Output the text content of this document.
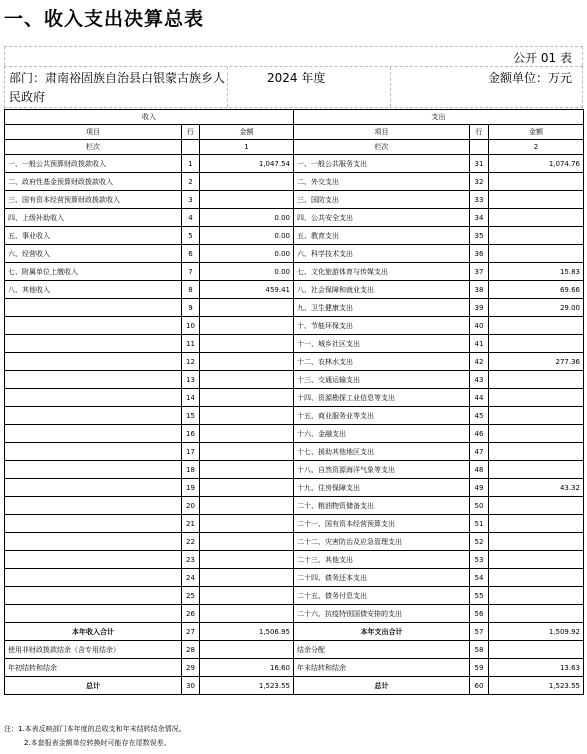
一、收入支出决算总表
公开 01 表
部门：肃南裕固族自治县白银蒙古族乡人民政府
2024 年度	金额单位：万元
收入			支出		
项目	行	金额	项目	行	金额
栏次		1	栏次		2
一、一般公共预算财政拨款收入	1	1,047.54	一、一般公共服务支出	31	1,074.76
二、政府性基金预算财政拨款收入	2		二、外交支出	32	
三、国有资本经营预算财政拨款收入	3		三、国防支出	33	
四、上级补助收入	4	0.00	四、公共安全支出	34	
五、事业收入	5	0.00	五、教育支出	35	
六、经营收入	6	0.00	六、科学技术支出	36	
七、附属单位上缴收入	7	0.00	七、文化旅游体育与传媒支出	37	15.83
八、其他收入	8	459.41	八、社会保障和就业支出	38	69.66
	9		九、卫生健康支出	39	29.00
	10		十、节能环保支出	40	
	11		十一、城乡社区支出	41	
	12		十二、农林水支出	42	277.36
	13		十三、交通运输支出	43	
	14		十四、资源勘探工业信息等支出	44	
	15		十五、商业服务业等支出	45	
	16		十六、金融支出	46	
	17		十七、援助其他地区支出	47	
	18		十八、自然资源海洋气象等支出	48	
	19		十九、住房保障支出	49	43.32
	20		二十、粮油物资储备支出	50	
	21		二十一、国有资本经营预算支出	51	
	22		二十二、灾害防治及应急管理支出	52	
	23		二十三、其他支出	53	
	24		二十四、债务还本支出	54	
	25		二十五、债务付息支出	55	
	26		二十六、抗疫特别国债安排的支出	56	
本年收入合计	27	1,506.95	本年支出合计	57	1,509.92
使用非财政拨款结余（含专用结余）	28		结余分配	58	
年初结转和结余	29	16.60	年末结转和结余	59	13.63
总计	30	1,523.55	总计	60	1,523.55
注：1.本表反映部门本年度的总收支和年末结转结余情况。
2.本套报表金额单位转换时可能存在尾数误差。
